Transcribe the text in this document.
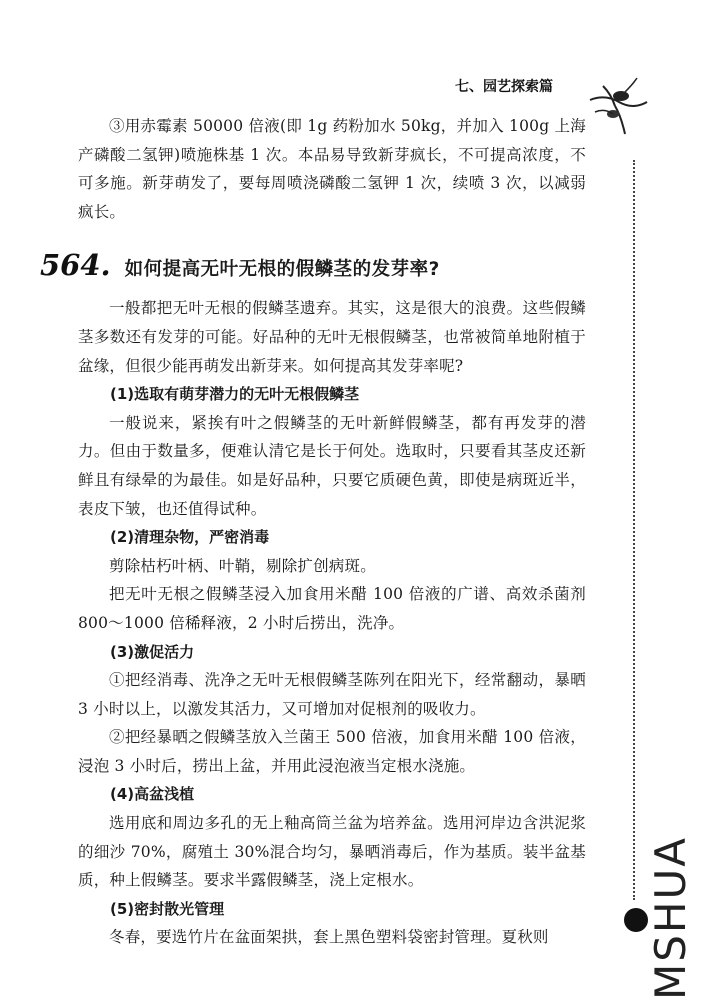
七、园艺探索篇

③用赤霉素 50000 倍液(即 1g 药粉加水 50kg，并加入 100g 上海产磷酸二氢钾)喷施株基 1 次。本品易导致新芽疯长，不可提高浓度，不可多施。新芽萌发了，要每周喷浇磷酸二氢钾 1 次，续喷 3 次，以减弱疯长。

564. 如何提高无叶无根的假鳞茎的发芽率?

一般都把无叶无根的假鳞茎遗弃。其实，这是很大的浪费。这些假鳞茎多数还有发芽的可能。好品种的无叶无根假鳞茎，也常被简单地附植于盆缘，但很少能再萌发出新芽来。如何提高其发芽率呢?

(1)选取有萌芽潜力的无叶无根假鳞茎

一般说来，紧挨有叶之假鳞茎的无叶新鲜假鳞茎，都有再发芽的潜力。但由于数量多，便难认清它是长于何处。选取时，只要看其茎皮还新鲜且有绿晕的为最佳。如是好品种，只要它质硬色黄，即使是病斑近半，表皮下皱，也还值得试种。

(2)清理杂物，严密消毒

剪除枯朽叶柄、叶鞘，剔除扩创病斑。

把无叶无根之假鳞茎浸入加食用米醋 100 倍液的广谱、高效杀菌剂 800～1000 倍稀释液，2 小时后捞出，洗净。

(3)激促活力

①把经消毒、洗净之无叶无根假鳞茎陈列在阳光下，经常翻动，暴晒 3 小时以上，以激发其活力，又可增加对促根剂的吸收力。

②把经暴晒之假鳞茎放入兰菌王 500 倍液，加食用米醋 100 倍液，浸泡 3 小时后，捞出上盆，并用此浸泡液当定根水浇施。

(4)高盆浅植

选用底和周边多孔的无上釉高筒兰盆为培养盆。选用河岸边含洪泥浆的细沙 70%，腐殖土 30%混合均匀，暴晒消毒后，作为基质。装半盆基质，种上假鳞茎。要求半露假鳞茎，浇上定根水。

(5)密封散光管理

冬春，要选竹片在盆面架拱，套上黑色塑料袋密封管理。夏秋则	MSHUA
